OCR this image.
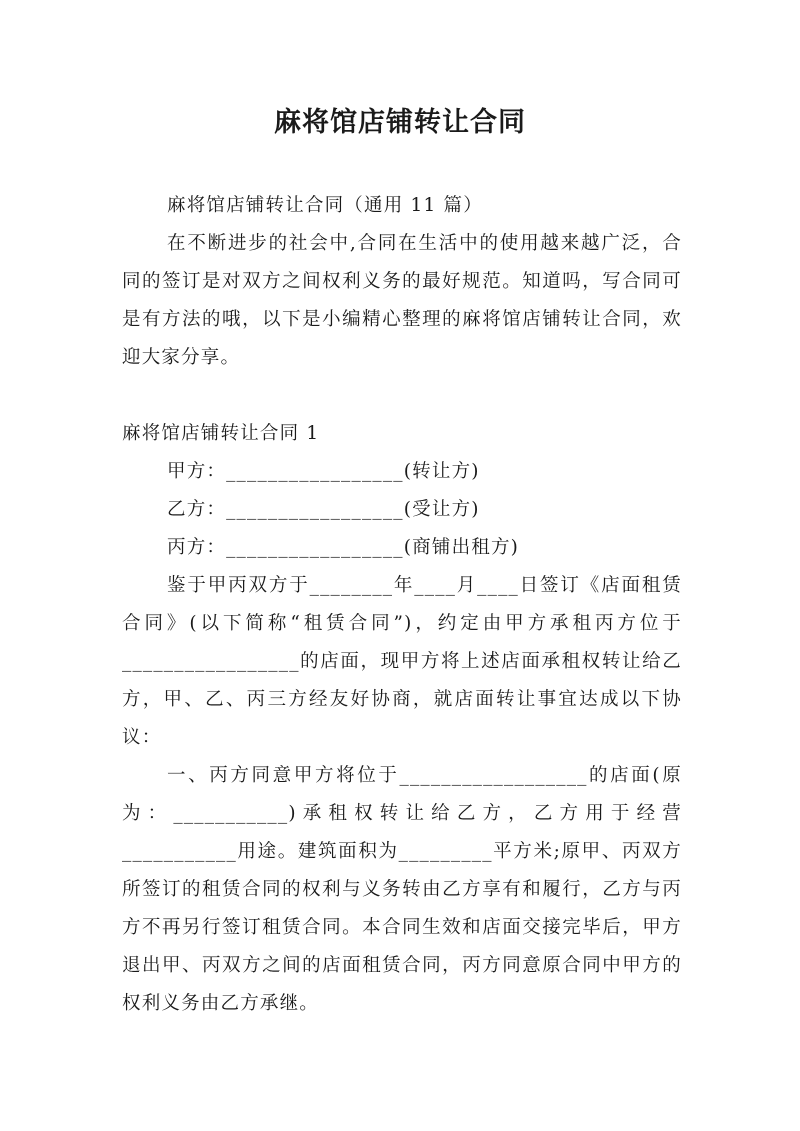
麻将馆店铺转让合同

麻将馆店铺转让合同（通用 11 篇）

在不断进步的社会中,合同在生活中的使用越来越广泛，合同的签订是对双方之间权利义务的最好规范。知道吗，写合同可是有方法的哦，以下是小编精心整理的麻将馆店铺转让合同，欢迎大家分享。

麻将馆店铺转让合同 1

甲方：_________________(转让方)

乙方：_________________(受让方)

丙方：_________________(商铺出租方)

鉴于甲丙双方于________年____月____日签订《店面租赁合同》(以下简称“租赁合同”)，约定由甲方承租丙方位于_________________的店面，现甲方将上述店面承租权转让给乙方，甲、乙、丙三方经友好协商，就店面转让事宜达成以下协议：

一、丙方同意甲方将位于__________________的店面(原为：___________)承租权转让给乙方，乙方用于经营___________用途。建筑面积为_________平方米;原甲、丙双方所签订的租赁合同的权利与义务转由乙方享有和履行，乙方与丙方不再另行签订租赁合同。本合同生效和店面交接完毕后，甲方退出甲、丙双方之间的店面租赁合同，丙方同意原合同中甲方的权利义务由乙方承继。
